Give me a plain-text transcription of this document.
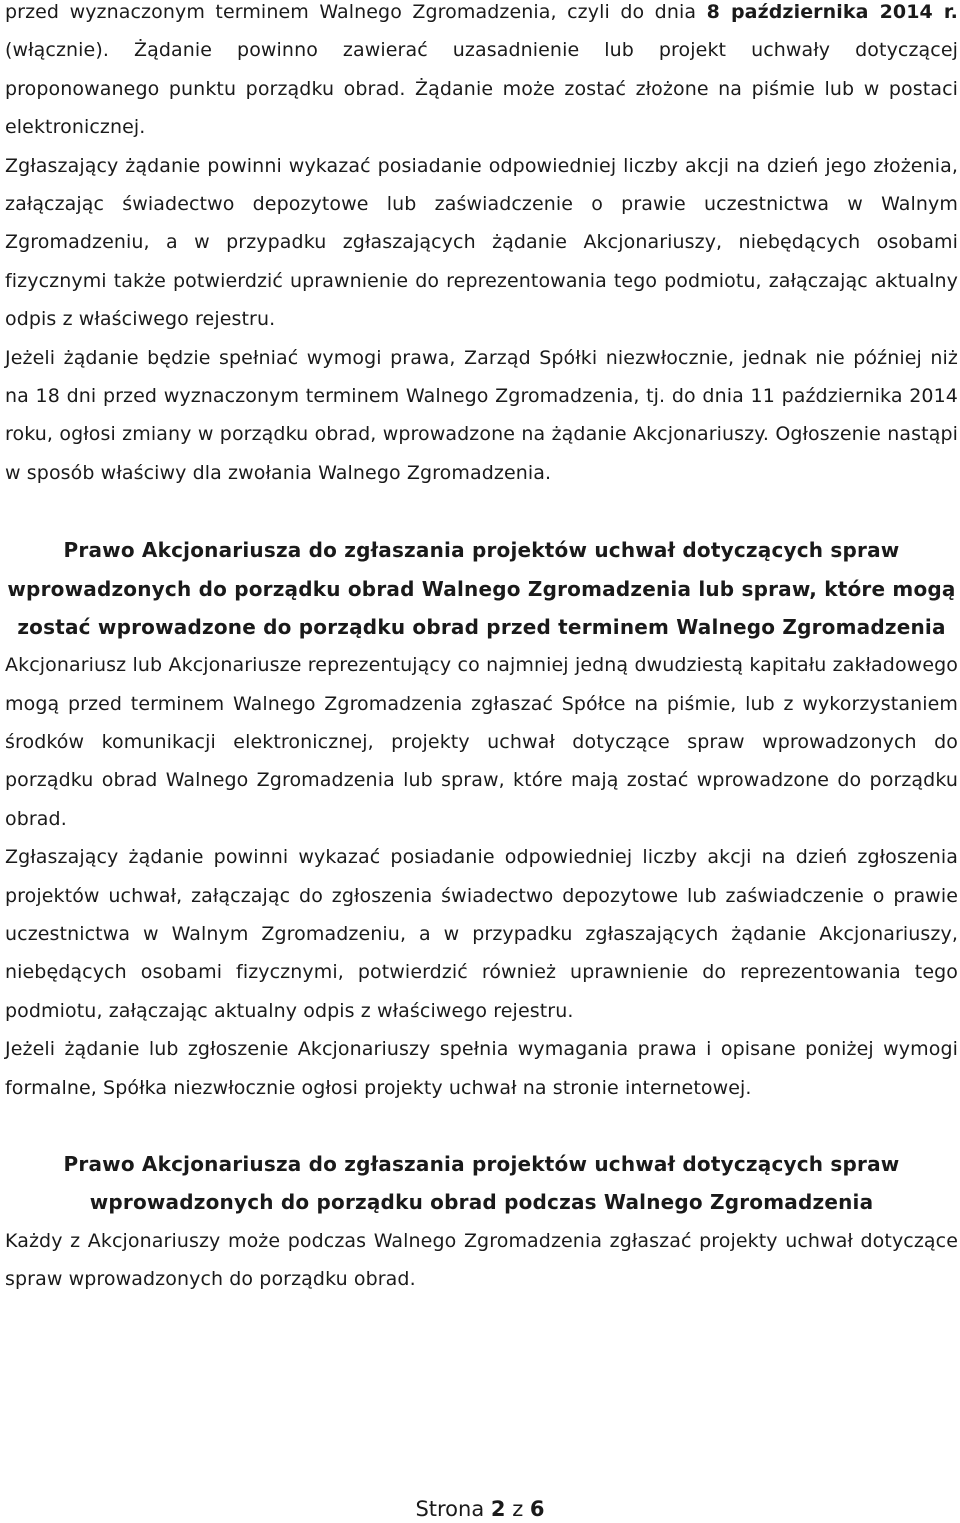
przed wyznaczonym terminem Walnego Zgromadzenia, czyli do dnia 8 października 2014 r. (włącznie). Żądanie powinno zawierać uzasadnienie lub projekt uchwały dotyczącej proponowanego punktu porządku obrad. Żądanie może zostać złożone na piśmie lub w postaci elektronicznej.

Zgłaszający żądanie powinni wykazać posiadanie odpowiedniej liczby akcji na dzień jego złożenia, załączając świadectwo depozytowe lub zaświadczenie o prawie uczestnictwa w Walnym Zgromadzeniu, a w przypadku zgłaszających żądanie Akcjonariuszy, niebędących osobami fizycznymi także potwierdzić uprawnienie do reprezentowania tego podmiotu, załączając aktualny odpis z właściwego rejestru.

Jeżeli żądanie będzie spełniać wymogi prawa, Zarząd Spółki niezwłocznie, jednak nie później niż na 18 dni przed wyznaczonym terminem Walnego Zgromadzenia, tj. do dnia 11 października 2014 roku, ogłosi zmiany w porządku obrad, wprowadzone na żądanie Akcjonariuszy. Ogłoszenie nastąpi w sposób właściwy dla zwołania Walnego Zgromadzenia.

Prawo Akcjonariusza do zgłaszania projektów uchwał dotyczących spraw wprowadzonych do porządku obrad Walnego Zgromadzenia lub spraw, które mogą zostać wprowadzone do porządku obrad przed terminem Walnego Zgromadzenia

Akcjonariusz lub Akcjonariusze reprezentujący co najmniej jedną dwudziestą kapitału zakładowego mogą przed terminem Walnego Zgromadzenia zgłaszać Spółce na piśmie, lub z wykorzystaniem środków komunikacji elektronicznej, projekty uchwał dotyczące spraw wprowadzonych do porządku obrad Walnego Zgromadzenia lub spraw, które mają zostać wprowadzone do porządku obrad.

Zgłaszający żądanie powinni wykazać posiadanie odpowiedniej liczby akcji na dzień zgłoszenia projektów uchwał, załączając do zgłoszenia świadectwo depozytowe lub zaświadczenie o prawie uczestnictwa w Walnym Zgromadzeniu, a w przypadku zgłaszających żądanie Akcjonariuszy, niebędących osobami fizycznymi, potwierdzić również uprawnienie do reprezentowania tego podmiotu, załączając aktualny odpis z właściwego rejestru.

Jeżeli żądanie lub zgłoszenie Akcjonariuszy spełnia wymagania prawa i opisane poniżej wymogi formalne, Spółka niezwłocznie ogłosi projekty uchwał na stronie internetowej.

Prawo Akcjonariusza do zgłaszania projektów uchwał dotyczących spraw wprowadzonych do porządku obrad podczas Walnego Zgromadzenia

Każdy z Akcjonariuszy może podczas Walnego Zgromadzenia zgłaszać projekty uchwał dotyczące spraw wprowadzonych do porządku obrad.

Strona 2 z 6
